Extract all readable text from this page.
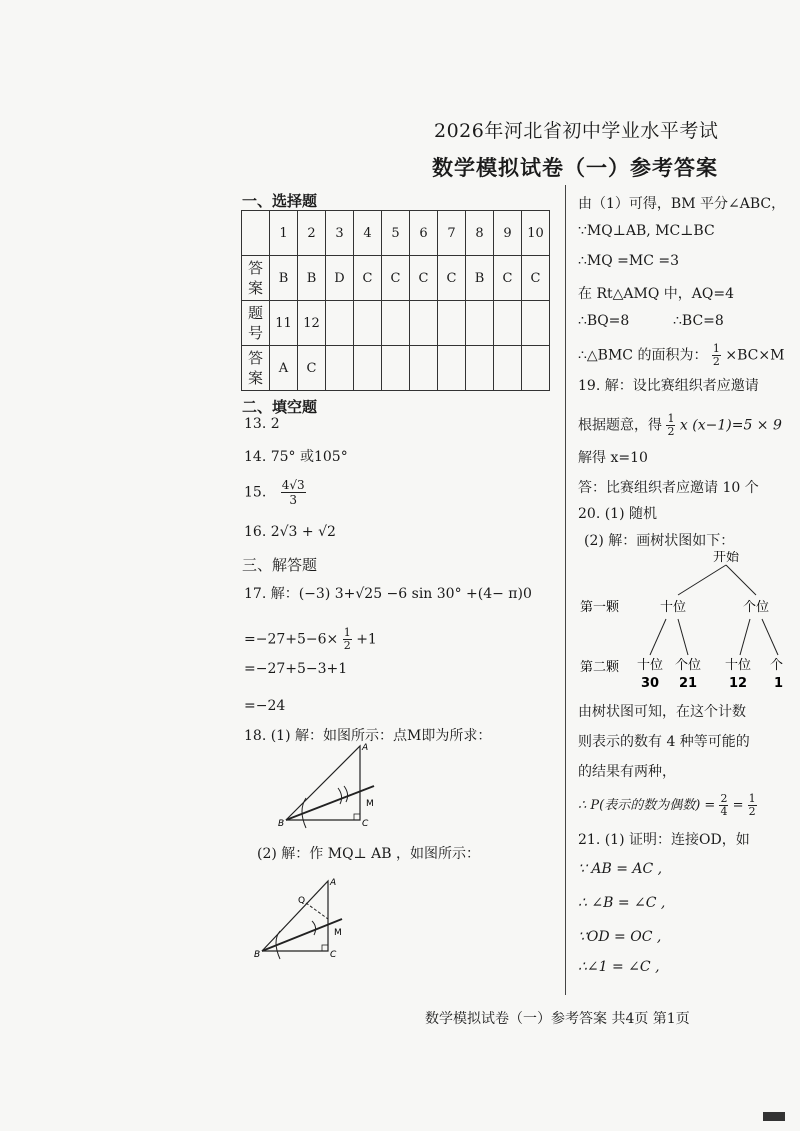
2026年河北省初中学业水平考试
数学模拟试卷（一）参考答案
一、选择题
	1	2	3	4	5	6	7	8	9	10
答案	B	B	D	C	C	C	C	B	C	C
题号	11	12								
答案	A	C								
二、填空题
13. 2
14. 75° 或105°
15. $\frac{4√3}{3}$
16. 2√3 + √2
三、解答题
17. 解：(−3) 3+√25 −6 sin 30° +(4− π)0
$=-27+5-6\times \frac{1}{2} +1$
=−27+5−3+1
=−24
18. (1) 解：如图所示：点M即为所求：
A
B	C
M
(2) 解：作 MQ⊥ AB ，如图所示：
A
B	C
M
Q
由（1）可得，BM 平分∠ABC，
∵MQ⊥AB, MC⊥BC
∴MQ =MC =3
在 Rt△AMQ 中，AQ=4
∴BQ=8	∴BC=8
∴△BMC 的面积为： $\frac{1}{2} \times BC\times M$
19. 解：设比赛组织者应邀请
根据题意，得 $\frac{1}{2}$ x (x−1)=5 × 9
解得 x=10
答：比赛组织者应邀请 10 个
20. (1) 随机
(2) 解：画树状图如下：
开始
第一颗	十位	个位
第二颗 十位 个位 十位 个
30 21 12 1
由树状图可知，在这个计数
则表示的数有 4 种等可能的
的结果有两种，
∴ P(表示的数为偶数) = $\frac{2}{4} = \frac{1}{2}$
21. (1) 证明：连接OD，如
∵ AB = AC ,
∴ ∠B = ∠C ,
∵OD = OC ,
∴∠1 = ∠C ,
数学模拟试卷（一）参考答案 共4页 第1页
